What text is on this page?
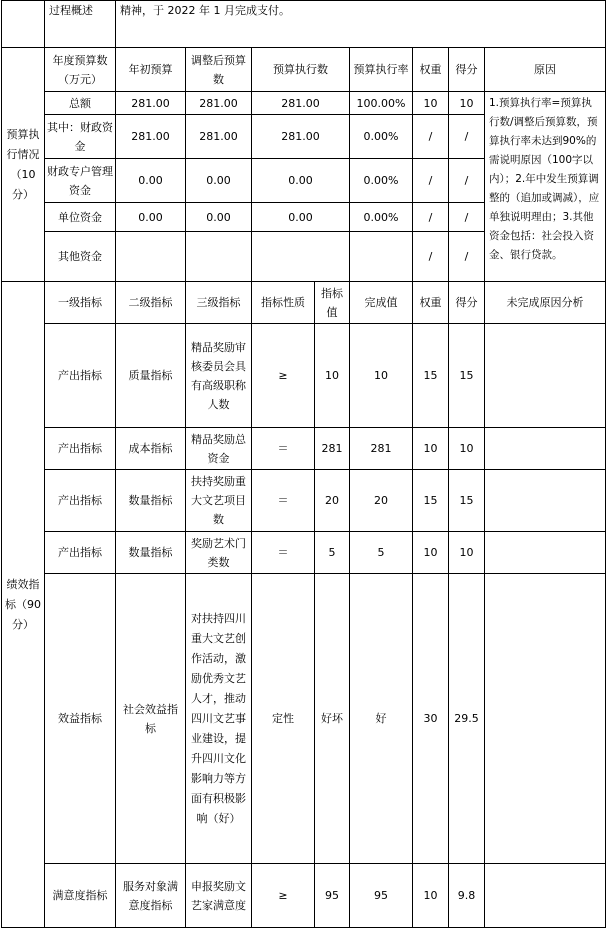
	过程概述	精神，于 2022 年 1 月完成支付。							
预算执行情况（10分）	年度预算数（万元）	年初预算	调整后预算数	预算执行数		预算执行率	权重	得分	原因
	总额	281.00	281.00	281.00		100.00%	10	10	1.预算执行率=预算执行数/调整后预算数，预算执行率未达到90%的需说明原因（100字以内）；2.年中发生预算调整的（追加或调减），应单独说明理由；3.其他资金包括：社会投入资金、银行贷款。
	其中：财政资金	281.00	281.00	281.00		0.00%	/	/	
	财政专户管理资金	0.00	0.00	0.00		0.00%	/	/	
	单位资金	0.00	0.00	0.00		0.00%	/	/	
	其他资金						/	/	
绩效指标（90分）	一级指标	二级指标	三级指标	指标性质	指标值	完成值	权重	得分	未完成原因分析
	产出指标	质量指标	精品奖励审核委员会具有高级职称人数	≥	10	10	15	15	
	产出指标	成本指标	精品奖励总资金	＝	281	281	10	10	
	产出指标	数量指标	扶持奖励重大文艺项目数	＝	20	20	15	15	
	产出指标	数量指标	奖励艺术门类数	＝	5	5	10	10	
	效益指标	社会效益指标	对扶持四川重大文艺创作活动，激励优秀文艺人才，推动四川文艺事业建设，提升四川文化影响力等方面有积极影响（好）	定性	好坏	好	30	29.5	
	满意度指标	服务对象满意度指标	申报奖励文艺家满意度	≥	95	95	10	9.8	
